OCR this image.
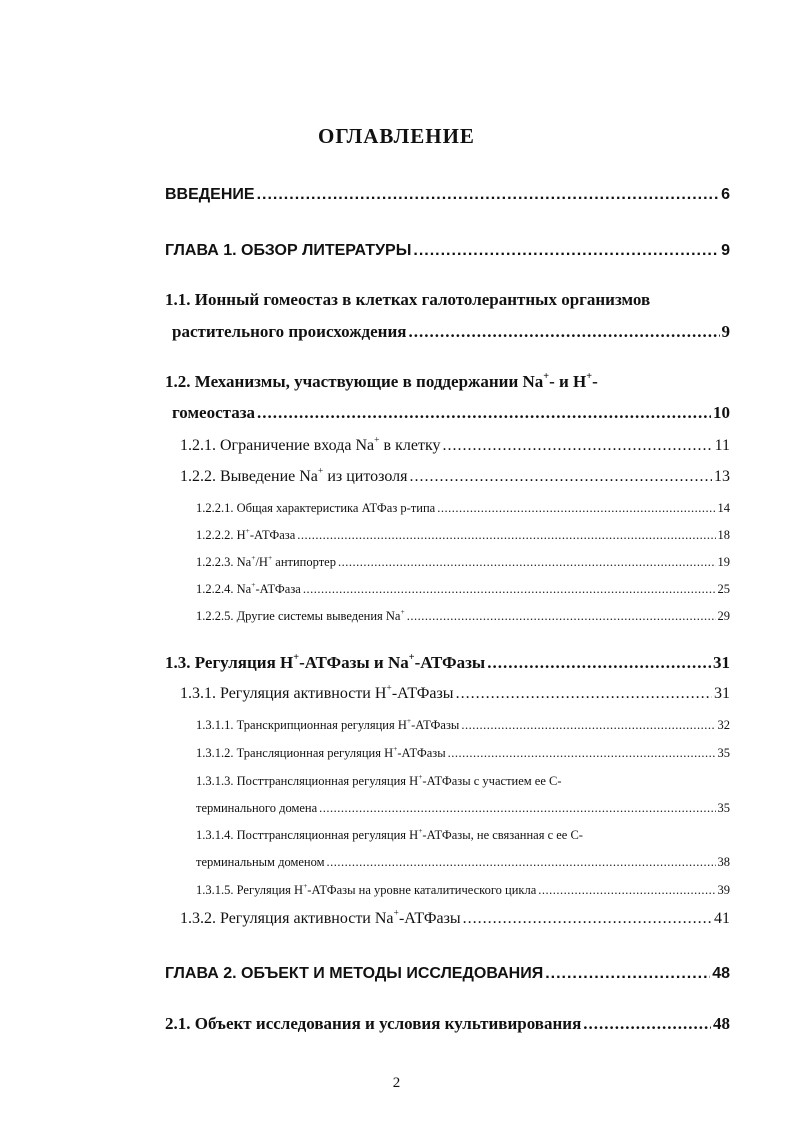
ОГЛАВЛЕНИЕ
ВВЕДЕНИЕ .....	6
ГЛАВА 1. ОБЗОР ЛИТЕРАТУРЫ .....	9
1.1. Ионный гомеостаз в клетках галотолерантных организмов
растительного происхождения .....	9
1.2. Механизмы, участвующие в поддержании Na+- и H+-
гомеостаза .....	10
1.2.1. Ограничение входа Na+ в клетку .....	11
1.2.2. Выведение Na+ из цитозоля .....	13
1.2.2.1. Общая характеристика АТФаз p-типа .....	14
1.2.2.2. H+-АТФаза .....	18
1.2.2.3. Na+/H+ антипортер .....	19
1.2.2.4. Na+-АТФаза .....	25
1.2.2.5. Другие системы выведения Na+ .....	29
1.3. Регуляция H+-АТФазы и Na+-АТФазы .....	31
1.3.1. Регуляция активности H+-АТФазы .....	31
1.3.1.1. Транскрипционная регуляция H+-АТФазы .....	32
1.3.1.2. Трансляционная регуляция H+-АТФазы .....	35
1.3.1.3. Посттрансляционная регуляция H+-АТФазы с участием ее C-
терминального домена .....	35
1.3.1.4. Посттрансляционная регуляция H+-АТФазы, не связанная с ее C-
терминальным доменом .....	38
1.3.1.5. Регуляция H+-АТФазы на уровне каталитического цикла .....	39
1.3.2. Регуляция активности Na+-АТФазы .....	41
ГЛАВА 2. ОБЪЕКТ И МЕТОДЫ ИССЛЕДОВАНИЯ .....	48
2.1. Объект исследования и условия культивирования .....	48
2
